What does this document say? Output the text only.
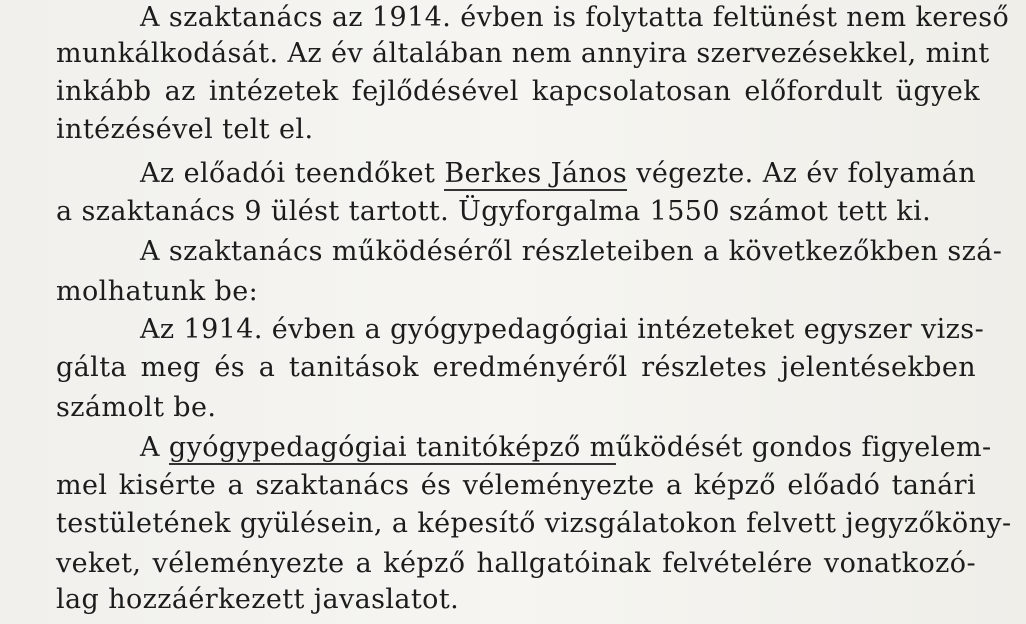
A szaktanács az 1914. évben is folytatta feltünést nem kereső
munkálkodását. Az év általában nem annyira szervezésekkel, mint
inkább az intézetek fejlődésével kapcsolatosan előfordult ügyek
intézésével telt el.
Az előadói teendőket Berkes János végezte. Az év folyamán
a szaktanács 9 ülést tartott. Ügyforgalma 1550 számot tett ki.
A szaktanács működéséről részleteiben a következőkben szá-
molhatunk be:
Az 1914. évben a gyógypedagógiai intézeteket egyszer vizs-
gálta meg és a tanitások eredményéről részletes jelentésekben
számolt be.
A gyógypedagógiai tanitóképző működését gondos figyelem-
mel kisérte a szaktanács és véleményezte a képző előadó tanári
testületének gyülésein, a képesítő vizsgálatokon felvett jegyzőköny-
veket, véleményezte a képző hallgatóinak felvételére vonatkozó-
lag hozzáérkezett javaslatot.
